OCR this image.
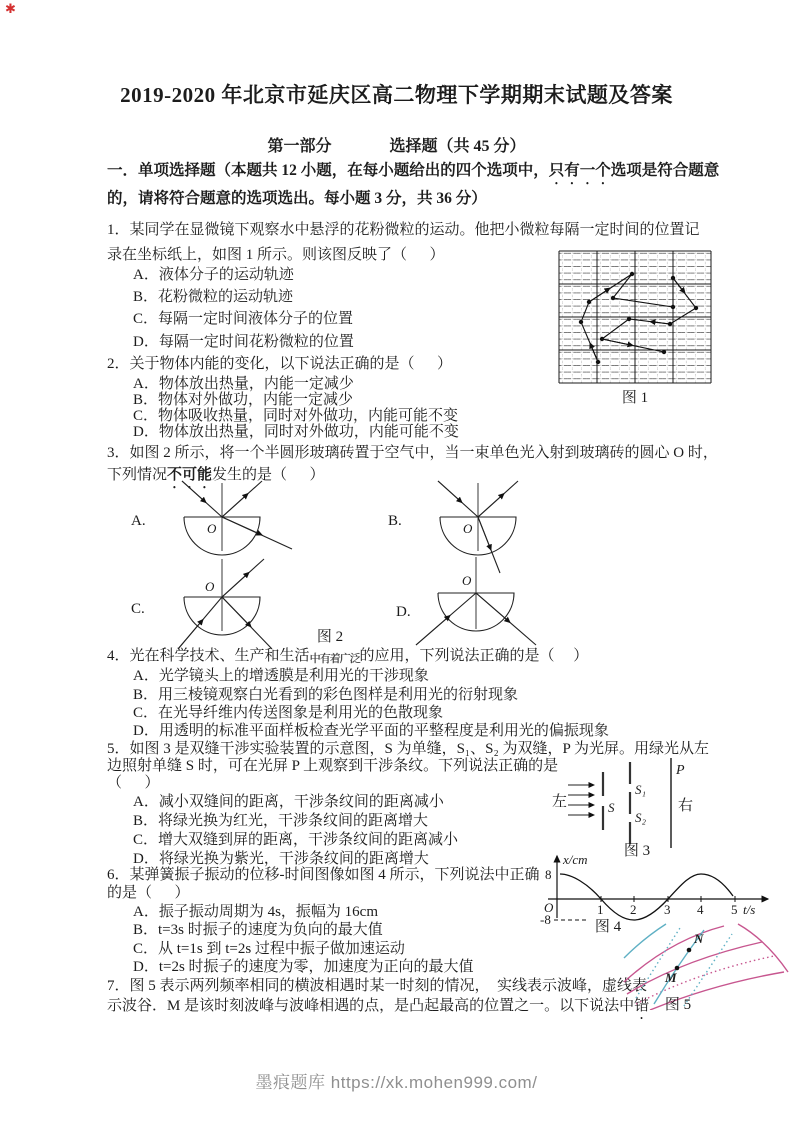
✱
2019-2020 年北京市延庆区高二物理下学期期末试题及答案
第一部分	选择题（共 45 分）
一．单项选择题（本题共 12 小题，在每小题给出的四个选项中，只有一个选项是符合题意
的，请将符合题意的选项选出。每小题 3 分，共 36 分）
1．某同学在显微镜下观察水中悬浮的花粉微粒的运动。他把小微粒每隔一定时间的位置记
录在坐标纸上，如图 1 所示。则该图反映了（      ）
A．液体分子的运动轨迹
B．花粉微粒的运动轨迹
C．每隔一定时间液体分子的位置
D．每隔一定时间花粉微粒的位置
图 1
2．关于物体内能的变化，以下说法正确的是（      ）
A．物体放出热量，内能一定减少
B．物体对外做功，内能一定减少
C．物体吸收热量，同时对外做功，内能可能不变
D．物体放出热量，同时对外做功，内能可能不变
3．如图 2 所示，将一个半圆形玻璃砖置于空气中，当一束单色光入射到玻璃砖的圆心 O 时，
下列情况不可能发生的是（      ）
A.	O	B.	O
C.
O
D.
O
图 2
4．光在科学技术、生产和生活中有着广泛的应用，下列说法正确的是（     ）
A．光学镜头上的增透膜是利用光的干涉现象
B．用三棱镜观察白光看到的彩色图样是利用光的衍射现象
C．在光导纤维内传送图象是利用光的色散现象
D．用透明的标准平面样板检查光学平面的平整程度是利用光的偏振现象
5．如图 3 是双缝干涉实验装置的示意图，S 为单缝，S₁、S₂ 为双缝，P 为光屏。用绿光从左
边照射单缝 S 时，可在光屏 P 上观察到干涉条纹。下列说法正确的是
（      ）
A．减小双缝间的距离，干涉条纹间的距离减小
B．将绿光换为红光，干涉条纹间的距离增大
C．增大双缝到屏的距离，干涉条纹间的距离减小
D．将绿光换为紫光，干涉条纹间的距离增大
左	S
S₁
S₂
P
右
图 3
6．某弹簧振子振动的位移-时间图像如图 4 所示，下列说法中正确
的是（      ）
A．振子振动周期为 4s，振幅为 16cm
B．t=3s 时振子的速度为负向的最大值
C．从 t=1s 到 t=2s 过程中振子做加速运动
D．t=2s 时振子的速度为零，加速度为正向的最大值
x/cm
8
-8
O	1 2 3 4 5 t/s
图 4
7．图 5 表示两列频率相同的横波相遇时某一时刻的情况，  实线表示波峰，虚线表
示波谷．M 是该时刻波峰与波峰相遇的点，是凸起最高的位置之一。以下说法中错
M
N
图 5
墨痕题库 https://xk.mohen999.com/
